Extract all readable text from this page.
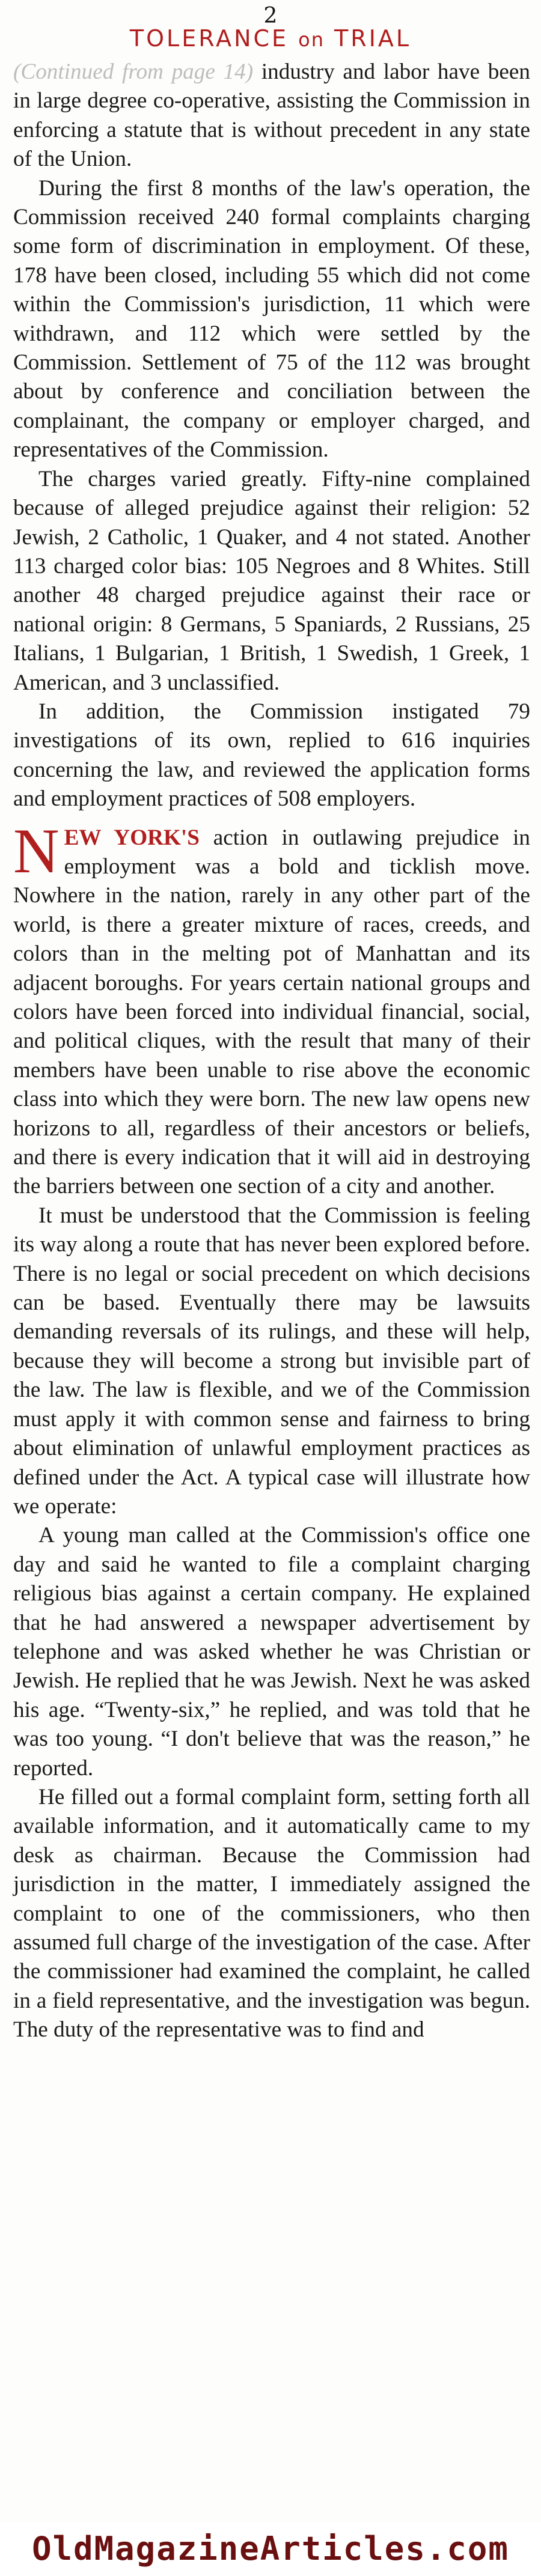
2
TOLERANCE on TRIAL

(Continued from page 14) industry and labor have been in large degree co-operative, assisting the Commission in enforcing a statute that is without precedent in any state of the Union.

During the first 8 months of the law's operation, the Commission received 240 formal complaints charging some form of discrimination in employment. Of these, 178 have been closed, including 55 which did not come within the Commission's jurisdiction, 11 which were withdrawn, and 112 which were settled by the Commission. Settlement of 75 of the 112 was brought about by conference and conciliation between the complainant, the company or employer charged, and representatives of the Commission.

The charges varied greatly. Fifty-nine complained because of alleged prejudice against their religion: 52 Jewish, 2 Catholic, 1 Quaker, and 4 not stated. Another 113 charged color bias: 105 Negroes and 8 Whites. Still another 48 charged prejudice against their race or national origin: 8 Germans, 5 Spaniards, 2 Russians, 25 Italians, 1 Bulgarian, 1 British, 1 Swedish, 1 Greek, 1 American, and 3 unclassified.

In addition, the Commission instigated 79 investigations of its own, replied to 616 inquiries concerning the law, and reviewed the application forms and employment practices of 508 employers.

NEW YORK'S action in outlawing prejudice in employment was a bold and ticklish move. Nowhere in the nation, rarely in any other part of the world, is there a greater mixture of races, creeds, and colors than in the melting pot of Manhattan and its adjacent boroughs. For years certain national groups and colors have been forced into individual financial, social, and political cliques, with the result that many of their members have been unable to rise above the economic class into which they were born. The new law opens new horizons to all, regardless of their ancestors or beliefs, and there is every indication that it will aid in destroying the barriers between one section of a city and another.

It must be understood that the Commission is feeling its way along a route that has never been explored before. There is no legal or social precedent on which decisions can be based. Eventually there may be lawsuits demanding reversals of its rulings, and these will help, because they will become a strong but invisible part of the law. The law is flexible, and we of the Commission must apply it with common sense and fairness to bring about elimination of unlawful employment practices as defined under the Act. A typical case will illustrate how we operate:

A young man called at the Commission's office one day and said he wanted to file a complaint charging religious bias against a certain company. He explained that he had answered a newspaper advertisement by telephone and was asked whether he was Christian or Jewish. He replied that he was Jewish. Next he was asked his age. “Twenty-six,” he replied, and was told that he was too young. “I don't believe that was the reason,” he reported.

He filled out a formal complaint form, setting forth all available information, and it automatically came to my desk as chairman. Because the Commission had jurisdiction in the matter, I immediately assigned the complaint to one of the commissioners, who then assumed full charge of the investigation of the case. After the commissioner had examined the complaint, he called in a field representative, and the investigation was begun. The duty of the representative was to find and

OldMagazineArticles.com
